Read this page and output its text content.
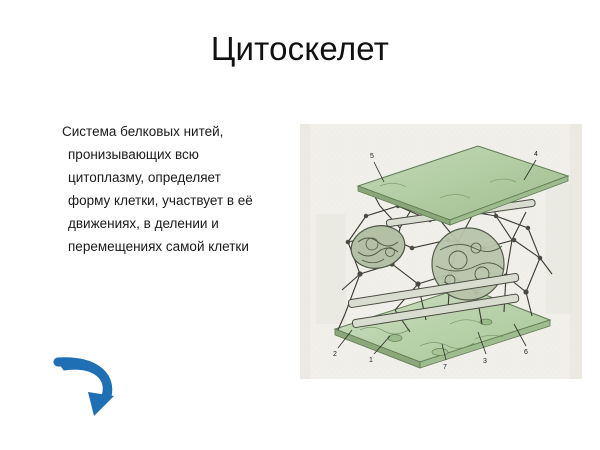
Цитоскелет
Система белковых нитей,
пронизывающих всю
цитоплазму, определяет
форму клетки, участвует в её
движениях, в делении и
перемещениях самой клетки
5	4
2
1
7
3
6
